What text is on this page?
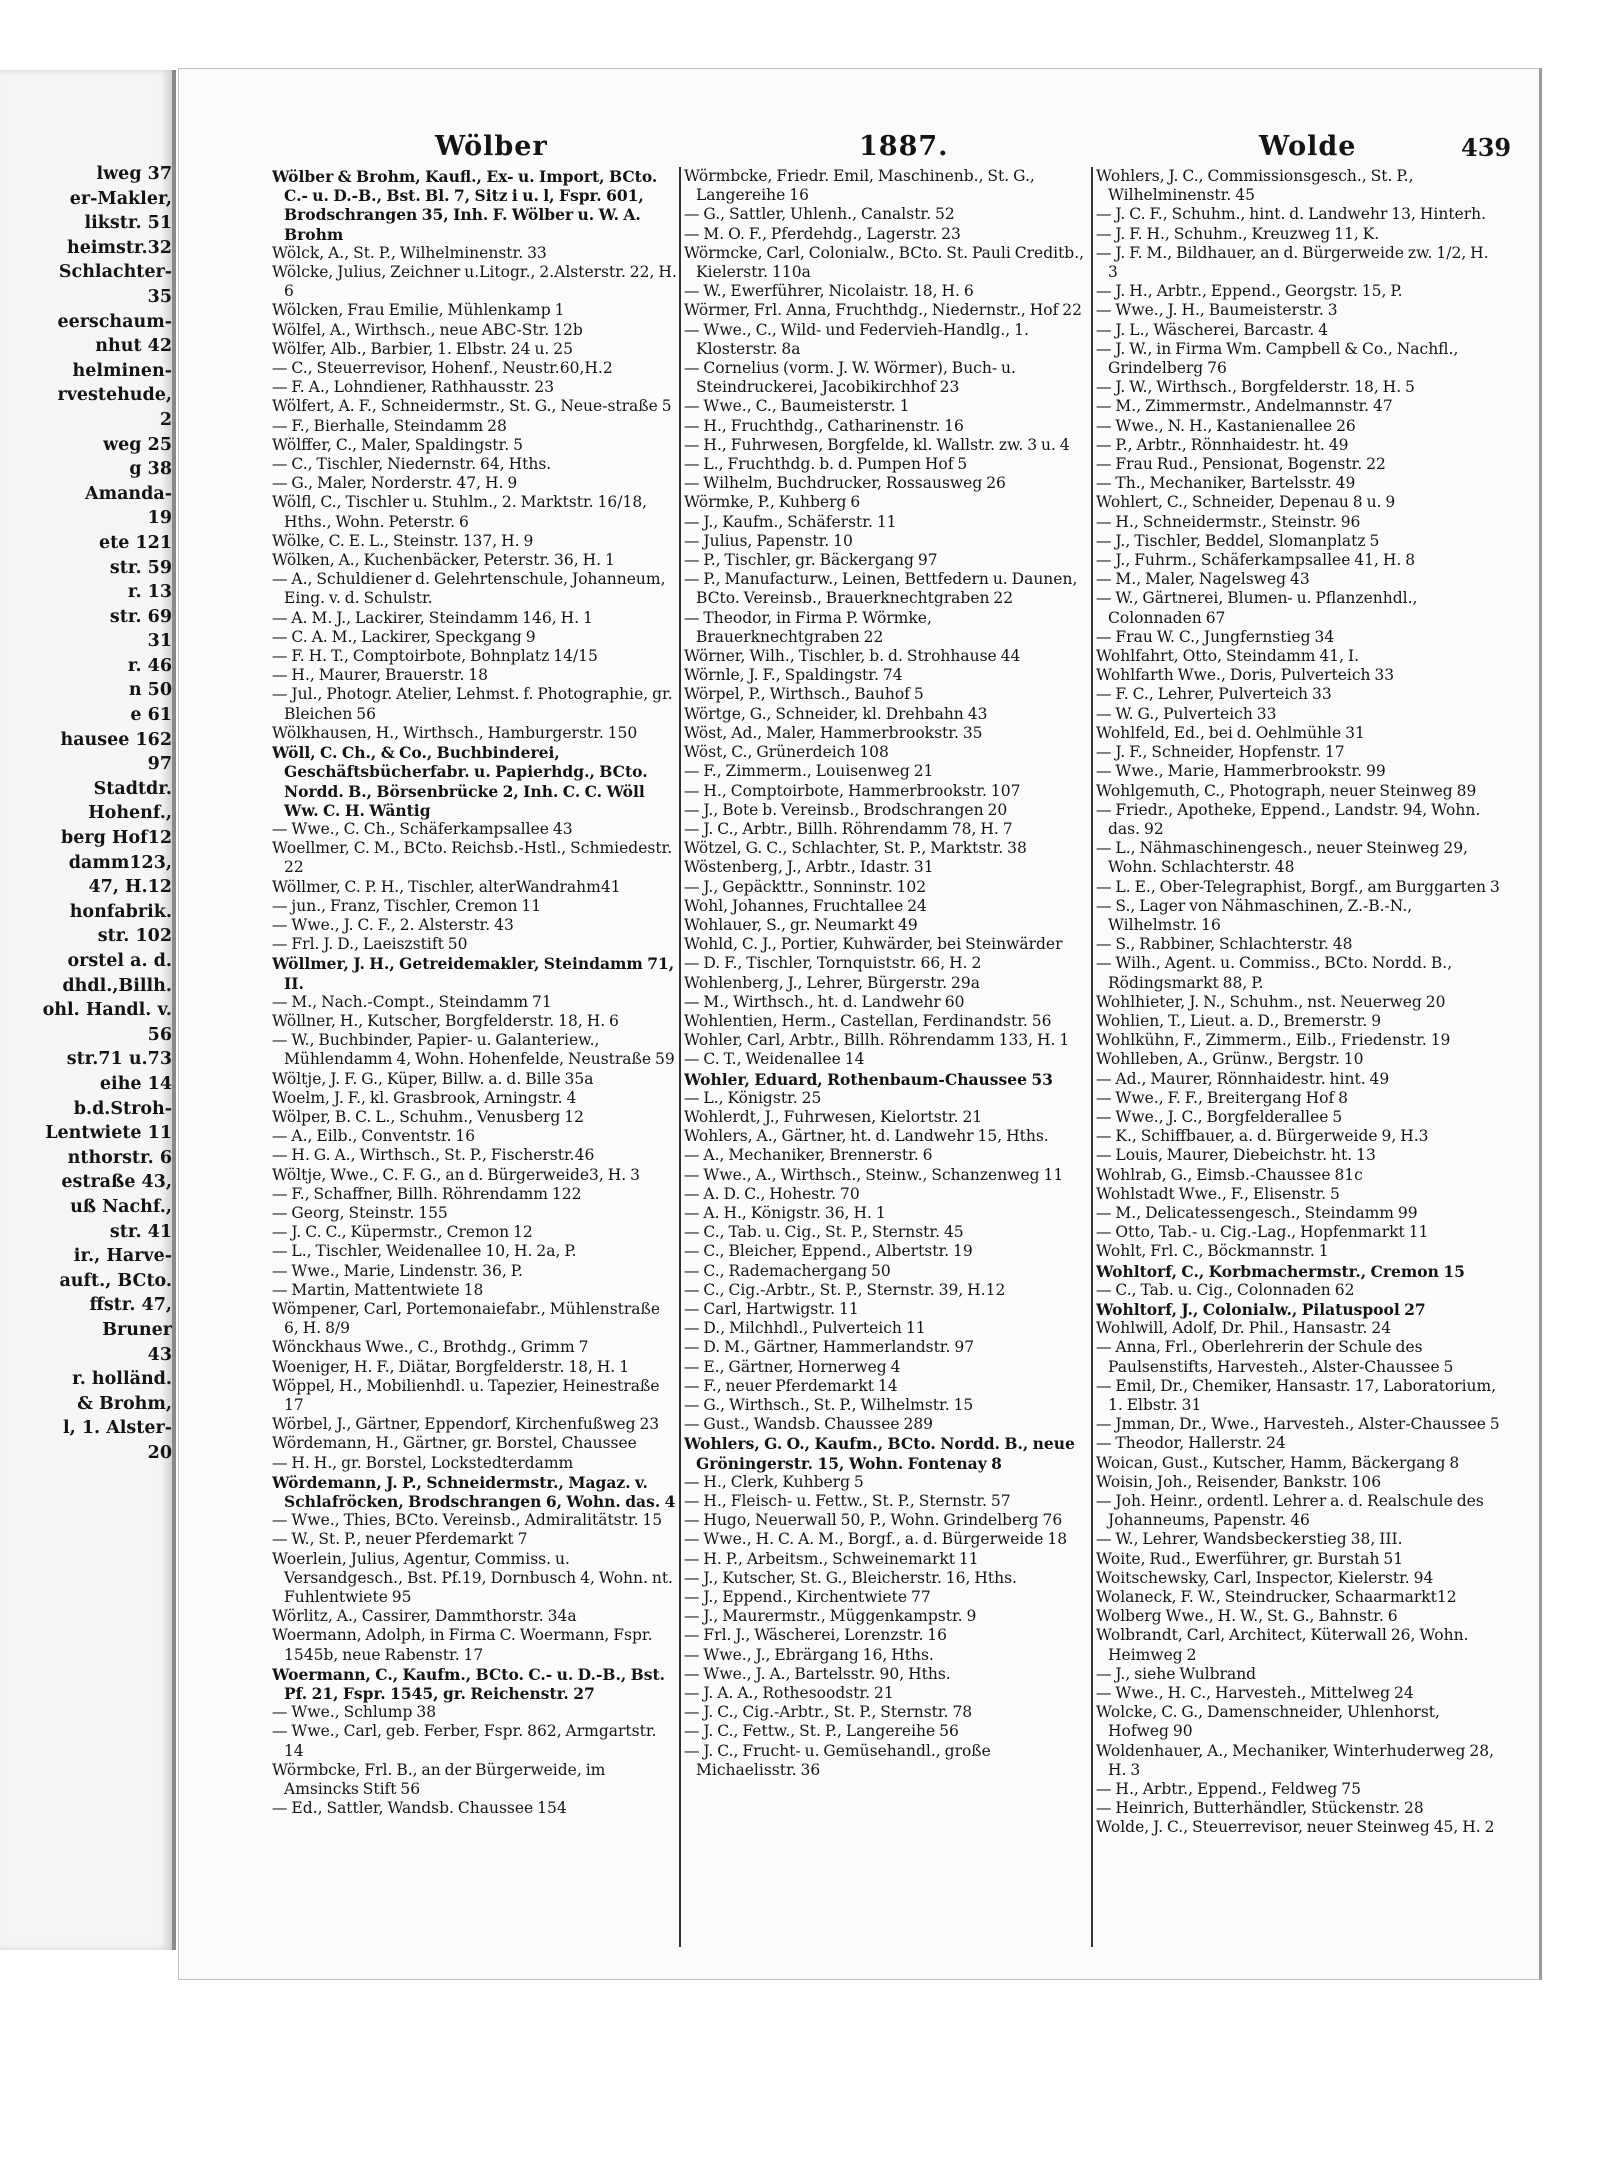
lweg 37
er-Makler,
likstr. 51
heimstr.32
Schlachter-
35
eerschaum-
nhut 42
helminen-
rvestehude,
2
weg 25
g 38
Amanda-
19
ete 121
str. 59
r. 13
str. 69
31
r. 46
n 50
e 61
hausee 162
97
Stadtdr.
Hohenf.,
berg Hof12
damm123,
47, H.12
honfabrik.
str. 102
orstel a. d.
dhdl.,Billh.
ohl. Handl. v.
56
str.71 u.73
eihe 14
b.d.Stroh-
Lentwiete 11
nthorstr. 6
estraße 43,
uß Nachf.,
str. 41
ir., Harve-
auft., BCto.
ffstr. 47,
Bruner
43
r. holländ.
& Brohm,
l, 1. Alster-
20
Wölber	1887.	Wolde	439

Wölber & Brohm, Kaufl., Ex- u. Import, BCto. C.- u. D.-B., Bst. Bl. 7, Sitz i u. l, Fspr. 601, Brodschrangen 35, Inh. F. Wölber u. W. A. Brohm

Wölck, A., St. P., Wilhelminenstr. 33

Wölcke, Julius, Zeichner u.Litogr., 2.Alsterstr. 22, H. 6

Wölcken, Frau Emilie, Mühlenkamp 1

Wölfel, A., Wirthsch., neue ABC-Str. 12b

Wölfer, Alb., Barbier, 1. Elbstr. 24 u. 25

— C., Steuerrevisor, Hohenf., Neustr.60,H.2

— F. A., Lohndiener, Rathhausstr. 23

Wölfert, A. F., Schneidermstr., St. G., Neue-straße 5

— F., Bierhalle, Steindamm 28

Wölffer, C., Maler, Spaldingstr. 5

— C., Tischler, Niedernstr. 64, Hths.

— G., Maler, Norderstr. 47, H. 9

Wölfl, C., Tischler u. Stuhlm., 2. Marktstr. 16/18, Hths., Wohn. Peterstr. 6

Wölke, C. E. L., Steinstr. 137, H. 9

Wölken, A., Kuchenbäcker, Peterstr. 36, H. 1

— A., Schuldiener d. Gelehrtenschule, Johanneum, Eing. v. d. Schulstr.

— A. M. J., Lackirer, Steindamm 146, H. 1

— C. A. M., Lackirer, Speckgang 9

— F. H. T., Comptoirbote, Bohnplatz 14/15

— H., Maurer, Brauerstr. 18

— Jul., Photogr. Atelier, Lehmst. f. Photographie, gr. Bleichen 56

Wölkhausen, H., Wirthsch., Hamburgerstr. 150

Wöll, C. Ch., & Co., Buchbinderei, Geschäftsbücherfabr. u. Papierhdg., BCto. Nordd. B., Börsenbrücke 2, Inh. C. C. Wöll Ww. C. H. Wäntig

— Wwe., C. Ch., Schäferkampsallee 43

Woellmer, C. M., BCto. Reichsb.-Hstl., Schmiedestr. 22

Wöllmer, C. P. H., Tischler, alterWandrahm41

— jun., Franz, Tischler, Cremon 11

— Wwe., J. C. F., 2. Alsterstr. 43

— Frl. J. D., Laeiszstift 50

Wöllmer, J. H., Getreidemakler, Steindamm 71, II.

— M., Nach.-Compt., Steindamm 71

Wöllner, H., Kutscher, Borgfelderstr. 18, H. 6

— W., Buchbinder, Papier- u. Galanteriew., Mühlendamm 4, Wohn. Hohenfelde, Neustraße 59

Wöltje, J. F. G., Küper, Billw. a. d. Bille 35a

Woelm, J. F., kl. Grasbrook, Arningstr. 4

Wölper, B. C. L., Schuhm., Venusberg 12

— A., Eilb., Conventstr. 16

— H. G. A., Wirthsch., St. P., Fischerstr.46

Wöltje, Wwe., C. F. G., an d. Bürgerweide3, H. 3

— F., Schaffner, Billh. Röhrendamm 122

— Georg, Steinstr. 155

— J. C. C., Küpermstr., Cremon 12

— L., Tischler, Weidenallee 10, H. 2a, P.

— Wwe., Marie, Lindenstr. 36, P.

— Martin, Mattentwiete 18

Wömpener, Carl, Portemonaiefabr., Mühlenstraße 6, H. 8/9

Wönckhaus Wwe., C., Brothdg., Grimm 7

Woeniger, H. F., Diätar, Borgfelderstr. 18, H. 1

Wöppel, H., Mobilienhdl. u. Tapezier, Heinestraße 17

Wörbel, J., Gärtner, Eppendorf, Kirchenfußweg 23

Wördemann, H., Gärtner, gr. Borstel, Chaussee

— H. H., gr. Borstel, Lockstedterdamm

Wördemann, J. P., Schneidermstr., Magaz. v. Schlafröcken, Brodschrangen 6, Wohn. das. 4

— Wwe., Thies, BCto. Vereinsb., Admiralitätstr. 15

— W., St. P., neuer Pferdemarkt 7

Woerlein, Julius, Agentur, Commiss. u. Versandgesch., Bst. Pf.19, Dornbusch 4, Wohn. nt. Fuhlentwiete 95

Wörlitz, A., Cassirer, Dammthorstr. 34a

Woermann, Adolph, in Firma C. Woermann, Fspr. 1545b, neue Rabenstr. 17

Woermann, C., Kaufm., BCto. C.- u. D.-B., Bst. Pf. 21, Fspr. 1545, gr. Reichenstr. 27

— Wwe., Schlump 38

— Wwe., Carl, geb. Ferber, Fspr. 862, Armgartstr. 14

Wörmbcke, Frl. B., an der Bürgerweide, im Amsincks Stift 56

— Ed., Sattler, Wandsb. Chaussee 154

Wörmbcke, Friedr. Emil, Maschinenb., St. G., Langereihe 16

— G., Sattler, Uhlenh., Canalstr. 52

— M. O. F., Pferdehdg., Lagerstr. 23

Wörmcke, Carl, Colonialw., BCto. St. Pauli Creditb., Kielerstr. 110a

— W., Ewerführer, Nicolaistr. 18, H. 6

Wörmer, Frl. Anna, Fruchthdg., Niedernstr., Hof 22

— Wwe., C., Wild- und Federvieh-Handlg., 1. Klosterstr. 8a

— Cornelius (vorm. J. W. Wörmer), Buch- u. Steindruckerei, Jacobikirchhof 23

— Wwe., C., Baumeisterstr. 1

— H., Fruchthdg., Catharinenstr. 16

— H., Fuhrwesen, Borgfelde, kl. Wallstr. zw. 3 u. 4

— L., Fruchthdg. b. d. Pumpen Hof 5

— Wilhelm, Buchdrucker, Rossausweg 26

Wörmke, P., Kuhberg 6

— J., Kaufm., Schäferstr. 11

— Julius, Papenstr. 10

— P., Tischler, gr. Bäckergang 97

— P., Manufacturw., Leinen, Bettfedern u. Daunen, BCto. Vereinsb., Brauerknechtgraben 22

— Theodor, in Firma P. Wörmke, Brauerknechtgraben 22

Wörner, Wilh., Tischler, b. d. Strohhause 44

Wörnle, J. F., Spaldingstr. 74

Wörpel, P., Wirthsch., Bauhof 5

Wörtge, G., Schneider, kl. Drehbahn 43

Wöst, Ad., Maler, Hammerbrookstr. 35

Wöst, C., Grünerdeich 108

— F., Zimmerm., Louisenweg 21

— H., Comptoirbote, Hammerbrookstr. 107

— J., Bote b. Vereinsb., Brodschrangen 20

— J. C., Arbtr., Billh. Röhrendamm 78, H. 7

Wötzel, G. C., Schlachter, St. P., Marktstr. 38

Wöstenberg, J., Arbtr., Idastr. 31

— J., Gepäckttr., Sonninstr. 102

Wohl, Johannes, Fruchtallee 24

Wohlauer, S., gr. Neumarkt 49

Wohld, C. J., Portier, Kuhwärder, bei Steinwärder

— D. F., Tischler, Tornquiststr. 66, H. 2

Wohlenberg, J., Lehrer, Bürgerstr. 29a

— M., Wirthsch., ht. d. Landwehr 60

Wohlentien, Herm., Castellan, Ferdinandstr. 56

Wohler, Carl, Arbtr., Billh. Röhrendamm 133, H. 1

— C. T., Weidenallee 14

Wohler, Eduard, Rothenbaum-Chaussee 53

— L., Königstr. 25

Wohlerdt, J., Fuhrwesen, Kielortstr. 21

Wohlers, A., Gärtner, ht. d. Landwehr 15, Hths.

— A., Mechaniker, Brennerstr. 6

— Wwe., A., Wirthsch., Steinw., Schanzenweg 11

— A. D. C., Hohestr. 70

— A. H., Königstr. 36, H. 1

— C., Tab. u. Cig., St. P., Sternstr. 45

— C., Bleicher, Eppend., Albertstr. 19

— C., Rademachergang 50

— C., Cig.-Arbtr., St. P., Sternstr. 39, H.12

— Carl, Hartwigstr. 11

— D., Milchhdl., Pulverteich 11

— D. M., Gärtner, Hammerlandstr. 97

— E., Gärtner, Hornerweg 4

— F., neuer Pferdemarkt 14

— G., Wirthsch., St. P., Wilhelmstr. 15

— Gust., Wandsb. Chaussee 289

Wohlers, G. O., Kaufm., BCto. Nordd. B., neue Gröningerstr. 15, Wohn. Fontenay 8

— H., Clerk, Kuhberg 5

— H., Fleisch- u. Fettw., St. P., Sternstr. 57

— Hugo, Neuerwall 50, P., Wohn. Grindelberg 76

— Wwe., H. C. A. M., Borgf., a. d. Bürgerweide 18

— H. P., Arbeitsm., Schweinemarkt 11

— J., Kutscher, St. G., Bleicherstr. 16, Hths.

— J., Eppend., Kirchentwiete 77

— J., Maurermstr., Müggenkampstr. 9

— Frl. J., Wäscherei, Lorenzstr. 16

— Wwe., J., Ebrärgang 16, Hths.

— Wwe., J. A., Bartelsstr. 90, Hths.

— J. A. A., Rothesoodstr. 21

— J. C., Cig.-Arbtr., St. P., Sternstr. 78

— J. C., Fettw., St. P., Langereihe 56

— J. C., Frucht- u. Gemüsehandl., große Michaelisstr. 36

Wohlers, J. C., Commissionsgesch., St. P., Wilhelminenstr. 45

— J. C. F., Schuhm., hint. d. Landwehr 13, Hinterh.

— J. F. H., Schuhm., Kreuzweg 11, K.

— J. F. M., Bildhauer, an d. Bürgerweide zw. 1/2, H. 3

— J. H., Arbtr., Eppend., Georgstr. 15, P.

— Wwe., J. H., Baumeisterstr. 3

— J. L., Wäscherei, Barcastr. 4

— J. W., in Firma Wm. Campbell & Co., Nachfl., Grindelberg 76

— J. W., Wirthsch., Borgfelderstr. 18, H. 5

— M., Zimmermstr., Andelmannstr. 47

— Wwe., N. H., Kastanienallee 26

— P., Arbtr., Rönnhaidestr. ht. 49

— Frau Rud., Pensionat, Bogenstr. 22

— Th., Mechaniker, Bartelsstr. 49

Wohlert, C., Schneider, Depenau 8 u. 9

— H., Schneidermstr., Steinstr. 96

— J., Tischler, Beddel, Slomanplatz 5

— J., Fuhrm., Schäferkampsallee 41, H. 8

— M., Maler, Nagelsweg 43

— W., Gärtnerei, Blumen- u. Pflanzenhdl., Colonnaden 67

— Frau W. C., Jungfernstieg 34

Wohlfahrt, Otto, Steindamm 41, I.

Wohlfarth Wwe., Doris, Pulverteich 33

— F. C., Lehrer, Pulverteich 33

— W. G., Pulverteich 33

Wohlfeld, Ed., bei d. Oehlmühle 31

— J. F., Schneider, Hopfenstr. 17

— Wwe., Marie, Hammerbrookstr. 99

Wohlgemuth, C., Photograph, neuer Steinweg 89

— Friedr., Apotheke, Eppend., Landstr. 94, Wohn. das. 92

— L., Nähmaschinengesch., neuer Steinweg 29, Wohn. Schlachterstr. 48

— L. E., Ober-Telegraphist, Borgf., am Burggarten 3

— S., Lager von Nähmaschinen, Z.-B.-N., Wilhelmstr. 16

— S., Rabbiner, Schlachterstr. 48

— Wilh., Agent. u. Commiss., BCto. Nordd. B., Rödingsmarkt 88, P.

Wohlhieter, J. N., Schuhm., nst. Neuerweg 20

Wohlien, T., Lieut. a. D., Bremerstr. 9

Wohlkühn, F., Zimmerm., Eilb., Friedenstr. 19

Wohlleben, A., Grünw., Bergstr. 10

— Ad., Maurer, Rönnhaidestr. hint. 49

— Wwe., F. F., Breitergang Hof 8

— Wwe., J. C., Borgfelderallee 5

— K., Schiffbauer, a. d. Bürgerweide 9, H.3

— Louis, Maurer, Diebeichstr. ht. 13

Wohlrab, G., Eimsb.-Chaussee 81c

Wohlstadt Wwe., F., Elisenstr. 5

— M., Delicatessengesch., Steindamm 99

— Otto, Tab.- u. Cig.-Lag., Hopfenmarkt 11

Wohlt, Frl. C., Böckmannstr. 1

Wohltorf, C., Korbmachermstr., Cremon 15

— C., Tab. u. Cig., Colonnaden 62

Wohltorf, J., Colonialw., Pilatuspool 27

Wohlwill, Adolf, Dr. Phil., Hansastr. 24

— Anna, Frl., Oberlehrerin der Schule des Paulsenstifts, Harvesteh., Alster-Chaussee 5

— Emil, Dr., Chemiker, Hansastr. 17, Laboratorium, 1. Elbstr. 31

— Jmman, Dr., Wwe., Harvesteh., Alster-Chaussee 5

— Theodor, Hallerstr. 24

Woican, Gust., Kutscher, Hamm, Bäckergang 8

Woisin, Joh., Reisender, Bankstr. 106

— Joh. Heinr., ordentl. Lehrer a. d. Realschule des Johanneums, Papenstr. 46

— W., Lehrer, Wandsbeckerstieg 38, III.

Woite, Rud., Ewerführer, gr. Burstah 51

Woitschewsky, Carl, Inspector, Kielerstr. 94

Wolaneck, F. W., Steindrucker, Schaarmarkt12

Wolberg Wwe., H. W., St. G., Bahnstr. 6

Wolbrandt, Carl, Architect, Küterwall 26, Wohn. Heimweg 2

— J., siehe Wulbrand

— Wwe., H. C., Harvesteh., Mittelweg 24

Wolcke, C. G., Damenschneider, Uhlenhorst, Hofweg 90

Woldenhauer, A., Mechaniker, Winterhuderweg 28, H. 3

— H., Arbtr., Eppend., Feldweg 75

— Heinrich, Butterhändler, Stückenstr. 28

Wolde, J. C., Steuerrevisor, neuer Steinweg 45, H. 2
